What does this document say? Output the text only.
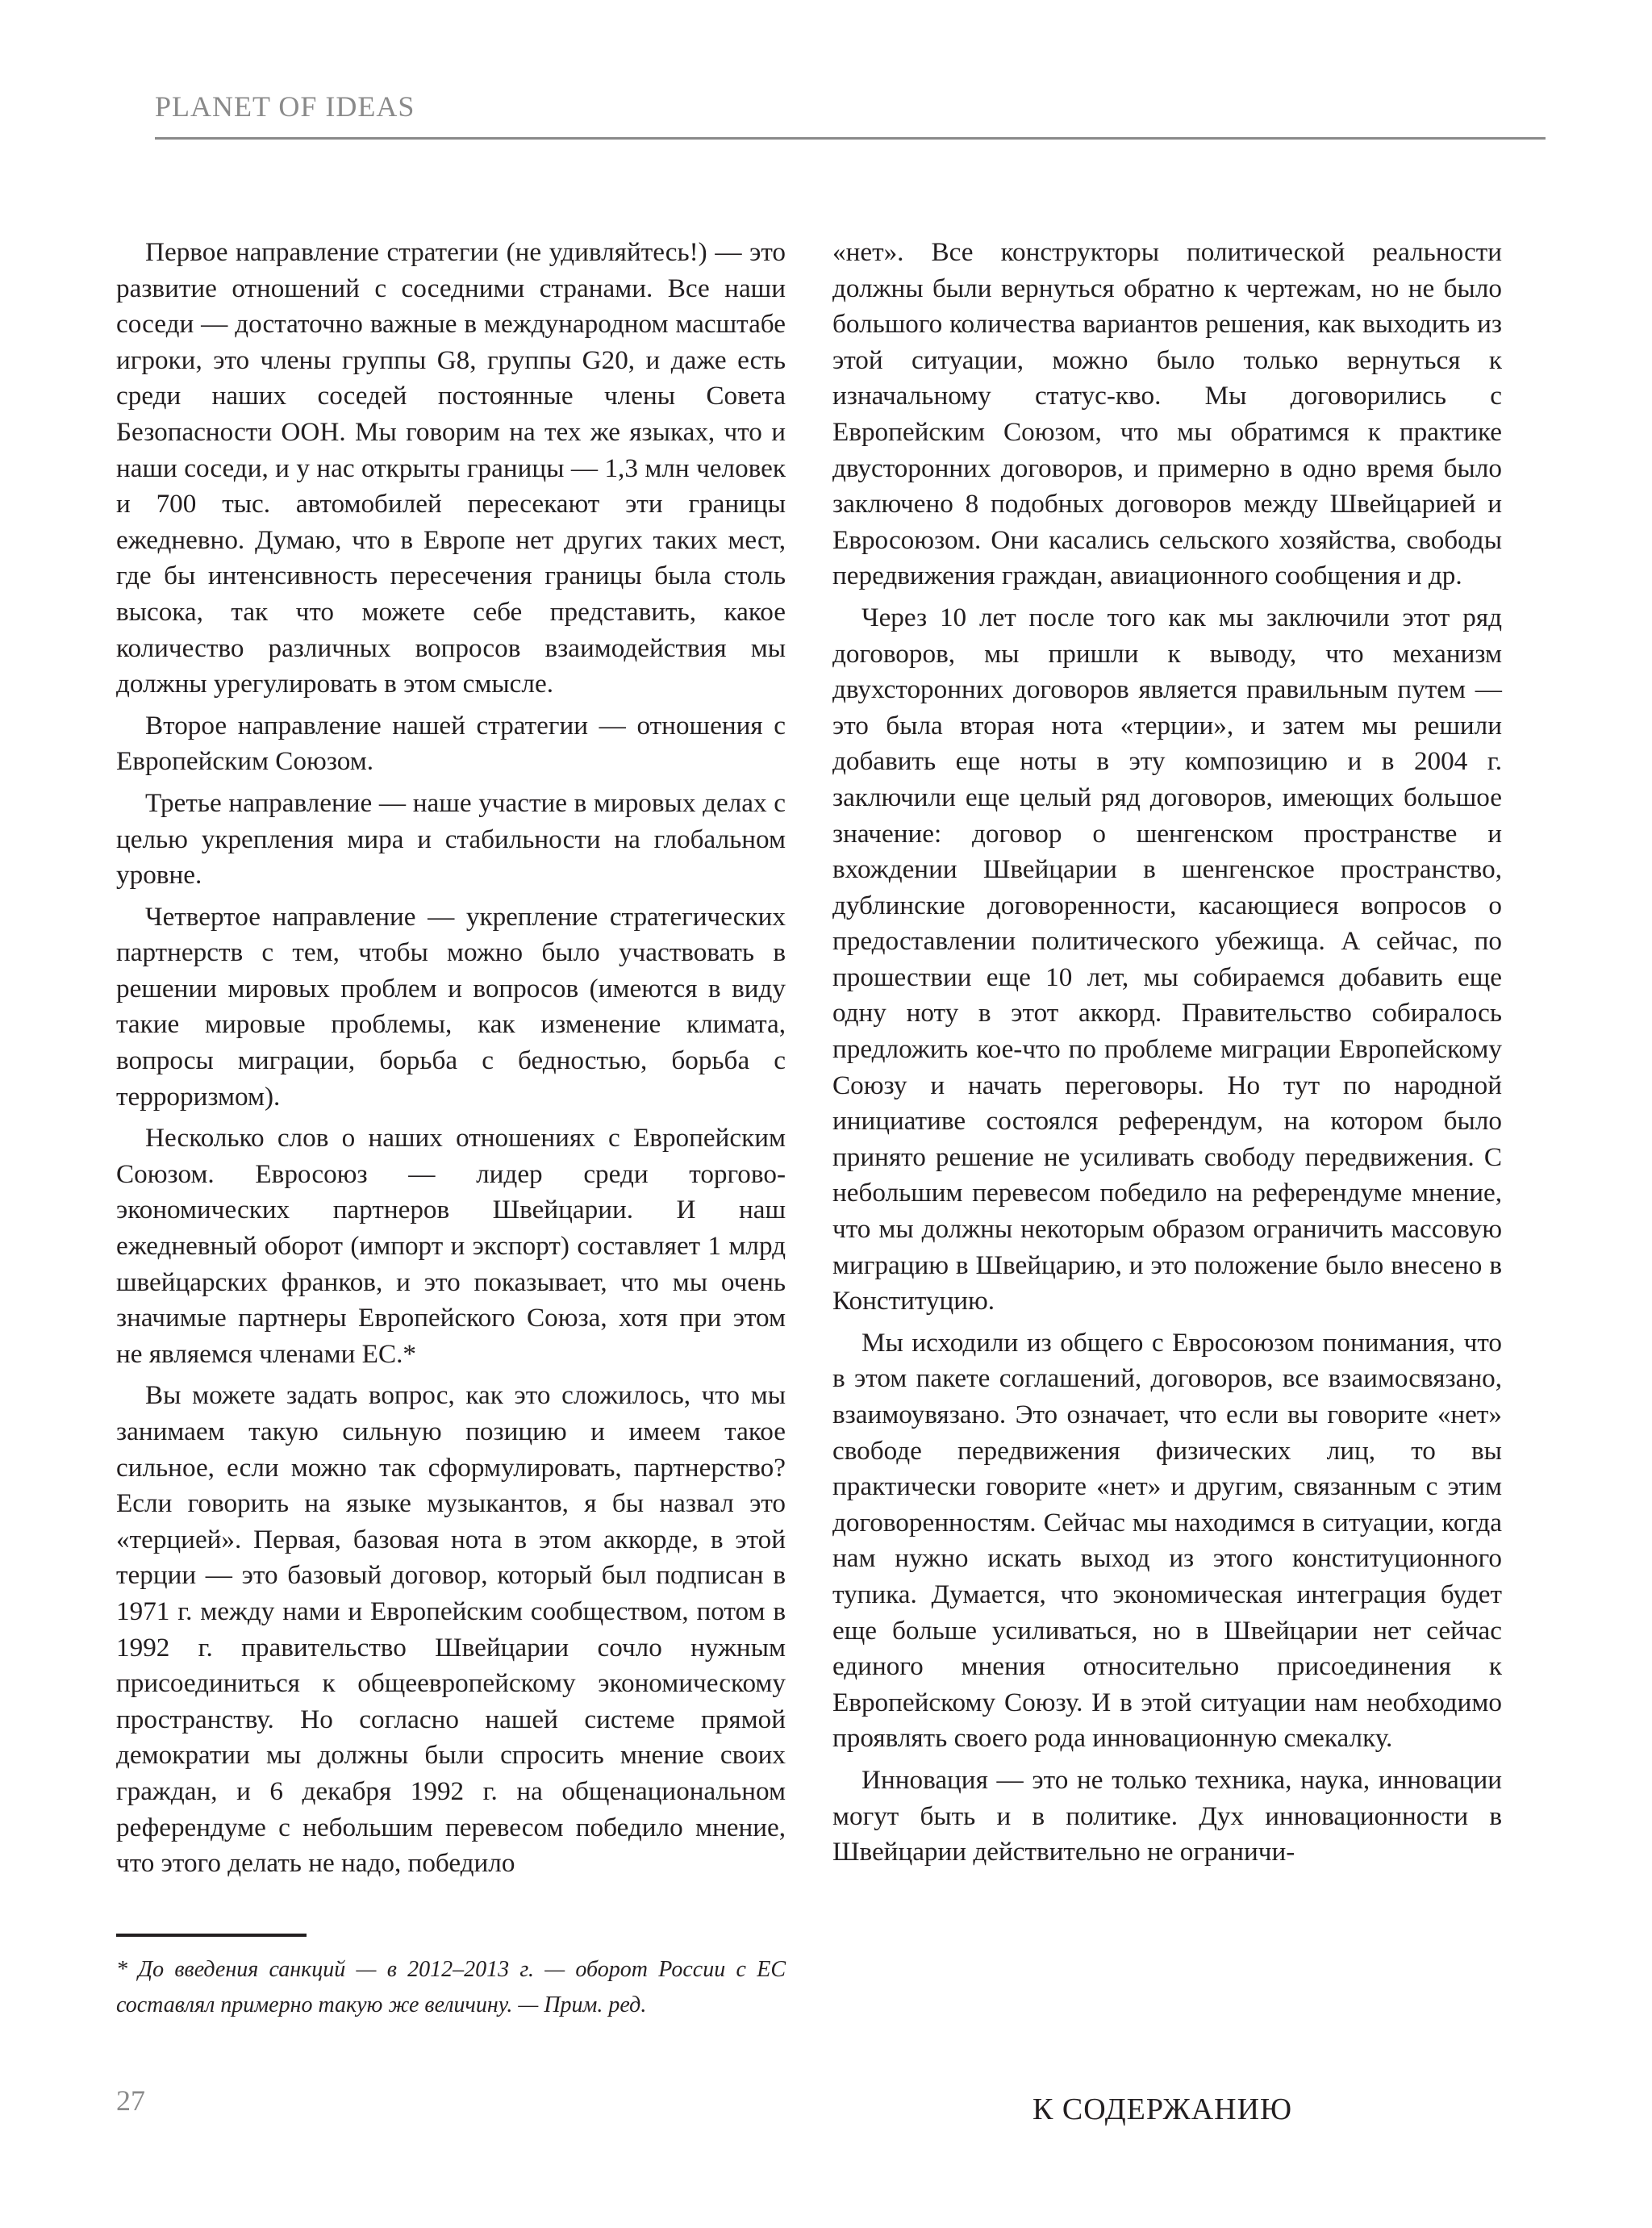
PLANET OF IDEAS

Первое направление стратегии (не удивляйтесь!) — это развитие отношений с соседними странами. Все наши соседи — достаточно важные в международном масштабе игроки, это члены группы G8, группы G20, и даже есть среди наших соседей постоянные члены Совета Безопасности ООН. Мы говорим на тех же языках, что и наши соседи, и у нас открыты границы — 1,3 млн человек и 700 тыс. автомобилей пересекают эти границы ежедневно. Думаю, что в Европе нет других таких мест, где бы интенсивность пересечения границы была столь высока, так что можете себе представить, какое количество различных вопросов взаимодействия мы должны урегулировать в этом смысле.

Второе направление нашей стратегии — отношения с Европейским Союзом.

Третье направление — наше участие в мировых делах с целью укрепления мира и стабильности на глобальном уровне.

Четвертое направление — укрепление стратегических партнерств с тем, чтобы можно было участвовать в решении мировых проблем и вопросов (имеются в виду такие мировые проблемы, как изменение климата, вопросы миграции, борьба с бедностью, борьба с терроризмом).

Несколько слов о наших отношениях с Европейским Союзом. Евросоюз — лидер среди торгово-экономических партнеров Швейцарии. И наш ежедневный оборот (импорт и экспорт) составляет 1 млрд швейцарских франков, и это показывает, что мы очень значимые партнеры Европейского Союза, хотя при этом не являемся членами ЕС.*

Вы можете задать вопрос, как это сложилось, что мы занимаем такую сильную позицию и имеем такое сильное, если можно так сформулировать, партнерство? Если говорить на языке музыкантов, я бы назвал это «терцией». Первая, базовая нота в этом аккорде, в этой терции — это базовый договор, который был подписан в 1971 г. между нами и Европейским сообществом, потом в 1992 г. правительство Швейцарии сочло нужным присоединиться к общеевропейскому экономическому пространству. Но согласно нашей системе прямой демократии мы должны были спросить мнение своих граждан, и 6 декабря 1992 г. на общенациональном референдуме с небольшим перевесом победило мнение, что этого делать не надо, победило

«нет». Все конструкторы политической реальности должны были вернуться обратно к чертежам, но не было большого количества вариантов решения, как выходить из этой ситуации, можно было только вернуться к изначальному статус-кво. Мы договорились с Европейским Союзом, что мы обратимся к практике двусторонних договоров, и примерно в одно время было заключено 8 подобных договоров между Швейцарией и Евросоюзом. Они касались сельского хозяйства, свободы передвижения граждан, авиационного сообщения и др.

Через 10 лет после того как мы заключили этот ряд договоров, мы пришли к выводу, что механизм двухсторонних договоров является правильным путем — это была вторая нота «терции», и затем мы решили добавить еще ноты в эту композицию и в 2004 г. заключили еще целый ряд договоров, имеющих большое значение: договор о шенгенском пространстве и вхождении Швейцарии в шенгенское пространство, дублинские договоренности, касающиеся вопросов о предоставлении политического убежища. А сейчас, по прошествии еще 10 лет, мы собираемся добавить еще одну ноту в этот аккорд. Правительство собиралось предложить кое-что по проблеме миграции Европейскому Союзу и начать переговоры. Но тут по народной инициативе состоялся референдум, на котором было принято решение не усиливать свободу передвижения. С небольшим перевесом победило на референдуме мнение, что мы должны некоторым образом ограничить массовую миграцию в Швейцарию, и это положение было внесено в Конституцию.

Мы исходили из общего с Евросоюзом понимания, что в этом пакете соглашений, договоров, все взаимосвязано, взаимоувязано. Это означает, что если вы говорите «нет» свободе передвижения физических лиц, то вы практически говорите «нет» и другим, связанным с этим договоренностям. Сейчас мы находимся в ситуации, когда нам нужно искать выход из этого конституционного тупика. Думается, что экономическая интеграция будет еще больше усиливаться, но в Швейцарии нет сейчас единого мнения относительно присоединения к Европейскому Союзу. И в этой ситуации нам необходимо проявлять своего рода инновационную смекалку.

Инновация — это не только техника, наука, инновации могут быть и в политике. Дух инновационности в Швейцарии действительно не ограничи-

* До введения санкций — в 2012–2013 г. — оборот России с ЕС составлял примерно такую же величину. — Прим. ред.
27	К СОДЕРЖАНИЮ
